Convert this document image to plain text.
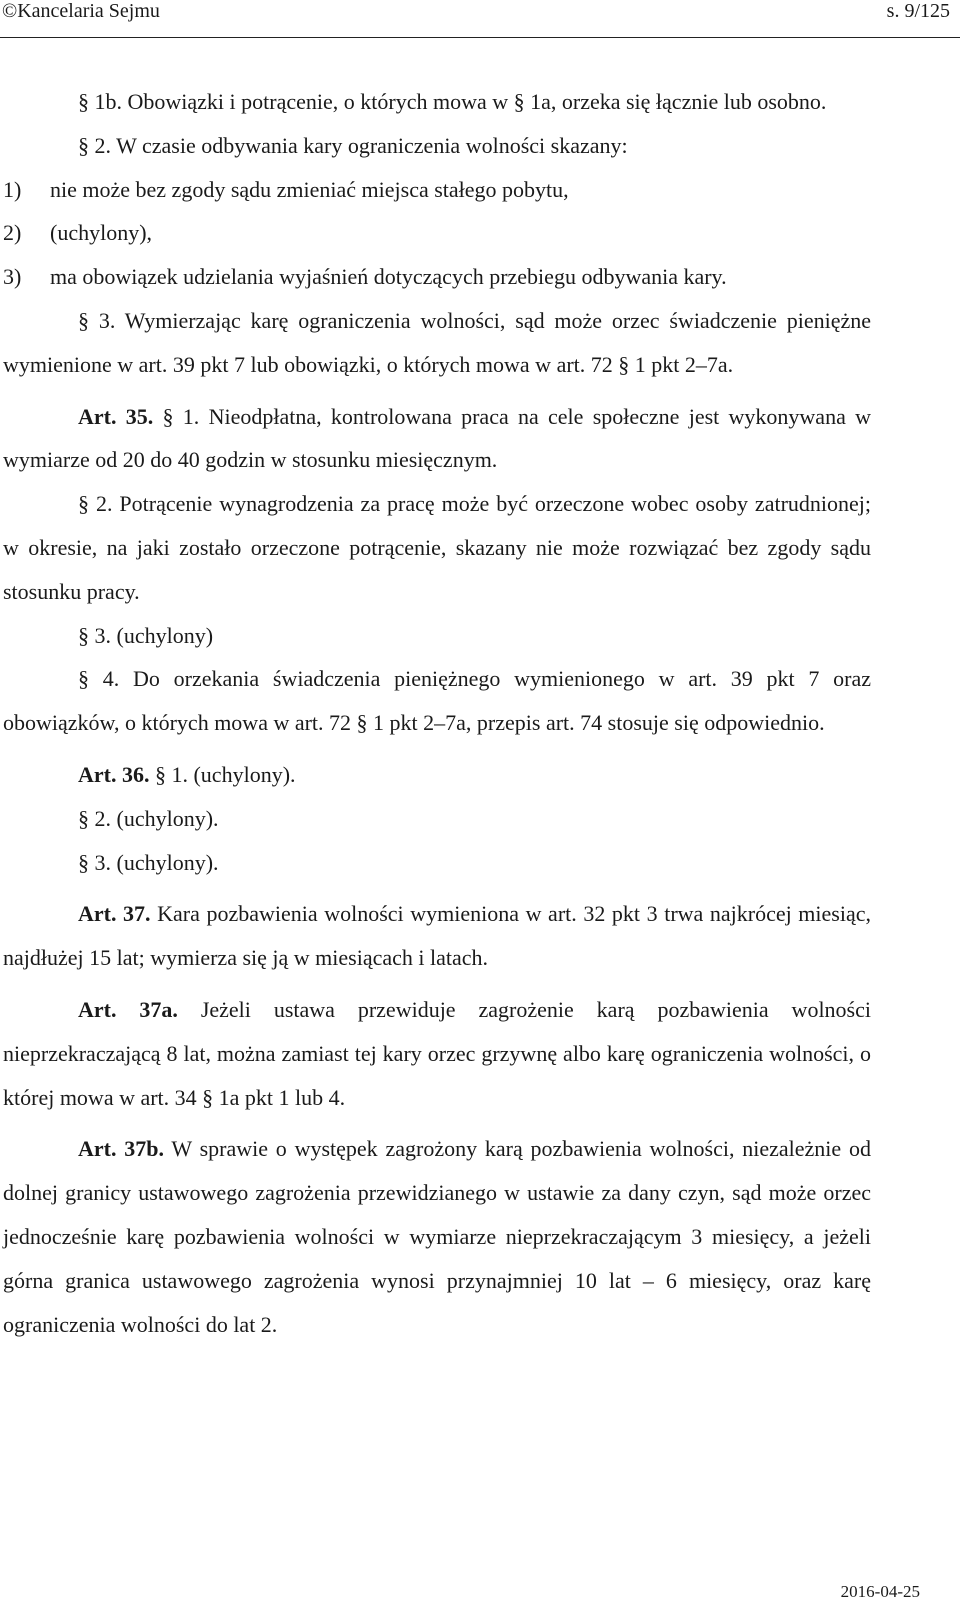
©Kancelaria Sejmu	s. 9/125

§ 1b. Obowiązki i potrącenie, o których mowa w § 1a, orzeka się łącznie lub osobno.

§ 2. W czasie odbywania kary ograniczenia wolności skazany:

1) nie może bez zgody sądu zmieniać miejsca stałego pobytu,
2) (uchylony),
3) ma obowiązek udzielania wyjaśnień dotyczących przebiegu odbywania kary.

§ 3. Wymierzając karę ograniczenia wolności, sąd może orzec świadczenie pieniężne wymienione w art. 39 pkt 7 lub obowiązki, o których mowa w art. 72 § 1 pkt 2–7a.

Art. 35. § 1. Nieodpłatna, kontrolowana praca na cele społeczne jest wykonywana w wymiarze od 20 do 40 godzin w stosunku miesięcznym.

§ 2. Potrącenie wynagrodzenia za pracę może być orzeczone wobec osoby zatrudnionej; w okresie, na jaki zostało orzeczone potrącenie, skazany nie może rozwiązać bez zgody sądu stosunku pracy.

§ 3. (uchylony)

§ 4. Do orzekania świadczenia pieniężnego wymienionego w art. 39 pkt 7 oraz obowiązków, o których mowa w art. 72 § 1 pkt 2–7a, przepis art. 74 stosuje się odpowiednio.

Art. 36. § 1. (uchylony).

§ 2. (uchylony).

§ 3. (uchylony).

Art. 37. Kara pozbawienia wolności wymieniona w art. 32 pkt 3 trwa najkrócej miesiąc, najdłużej 15 lat; wymierza się ją w miesiącach i latach.

Art. 37a. Jeżeli ustawa przewiduje zagrożenie karą pozbawienia wolności nieprzekraczającą 8 lat, można zamiast tej kary orzec grzywnę albo karę ograniczenia wolności, o której mowa w art. 34 § 1a pkt 1 lub 4.

Art. 37b. W sprawie o występek zagrożony karą pozbawienia wolności, niezależnie od dolnej granicy ustawowego zagrożenia przewidzianego w ustawie za dany czyn, sąd może orzec jednocześnie karę pozbawienia wolności w wymiarze nieprzekraczającym 3 miesięcy, a jeżeli górna granica ustawowego zagrożenia wynosi przynajmniej 10 lat – 6 miesięcy, oraz karę ograniczenia wolności do lat 2.

2016-04-25
